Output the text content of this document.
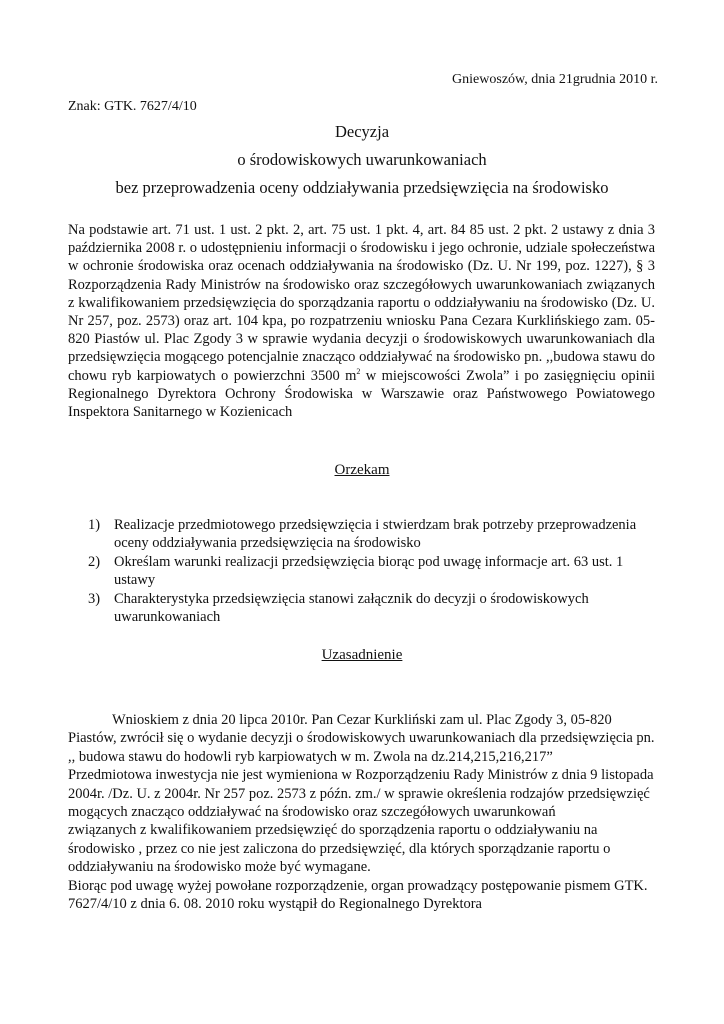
Gniewoszów, dnia 21grudnia 2010 r.
Znak: GTK. 7627/4/10
Decyzja
o środowiskowych uwarunkowaniach
bez przeprowadzenia oceny oddziaływania przedsięwzięcia na środowisko
Na podstawie art. 71 ust. 1 ust. 2 pkt. 2, art. 75 ust. 1 pkt. 4, art. 84 85 ust. 2 pkt. 2 ustawy z dnia 3 października 2008 r. o udostępnieniu informacji o środowisku i jego ochronie, udziale społeczeństwa w ochronie środowiska oraz ocenach oddziaływania na środowisko (Dz. U. Nr 199, poz. 1227), § 3 Rozporządzenia Rady Ministrów na środowisko oraz szczegółowych uwarunkowaniach związanych z kwalifikowaniem przedsięwzięcia do sporządzania raportu o oddziaływaniu na środowisko (Dz. U. Nr 257, poz. 2573) oraz art. 104 kpa, po rozpatrzeniu wniosku Pana Cezara Kurklińskiego zam. 05-820 Piastów ul. Plac Zgody 3 w sprawie wydania decyzji o środowiskowych uwarunkowaniach dla przedsięwzięcia mogącego potencjalnie znacząco oddziaływać na środowisko pn. ,,budowa stawu do chowu ryb karpiowatych o powierzchni 3500 $m^2$ w miejscowości Zwola” i po zasięgnięciu opinii Regionalnego Dyrektora Ochrony Środowiska w Warszawie oraz Państwowego Powiatowego Inspektora Sanitarnego w Kozienicach
Orzekam
1) Realizacje przedmiotowego przedsięwzięcia i stwierdzam brak potrzeby przeprowadzenia oceny oddziaływania przedsięwzięcia na środowisko
2) Określam warunki realizacji przedsięwzięcia biorąc pod uwagę informacje art. 63 ust. 1 ustawy
3) Charakterystyka przedsięwzięcia stanowi załącznik do decyzji o środowiskowych uwarunkowaniach
Uzasadnienie

Wnioskiem z dnia 20 lipca 2010r. Pan Cezar Kurkliński zam ul. Plac Zgody 3, 05-820 Piastów, zwrócił się o wydanie decyzji o środowiskowych uwarunkowaniach dla przedsięwzięcia pn. ,, budowa stawu do hodowli ryb karpiowatych w m. Zwola na dz.214,215,216,217”

Przedmiotowa inwestycja nie jest wymieniona w Rozporządzeniu Rady Ministrów z dnia 9 listopada 2004r. /Dz. U. z 2004r. Nr 257 poz. 2573 z późn. zm./ w sprawie określenia rodzajów przedsięwzięć mogących znacząco oddziaływać na środowisko oraz szczegółowych uwarunkowań

związanych z kwalifikowaniem przedsięwzięć do sporządzenia raportu o oddziaływaniu na środowisko , przez co nie jest zaliczona do przedsięwzięć, dla których sporządzanie raportu o oddziaływaniu na środowisko może być wymagane.

Biorąc pod uwagę wyżej powołane rozporządzenie, organ prowadzący postępowanie pismem GTK. 7627/4/10 z dnia 6. 08. 2010 roku wystąpił do Regionalnego Dyrektora
